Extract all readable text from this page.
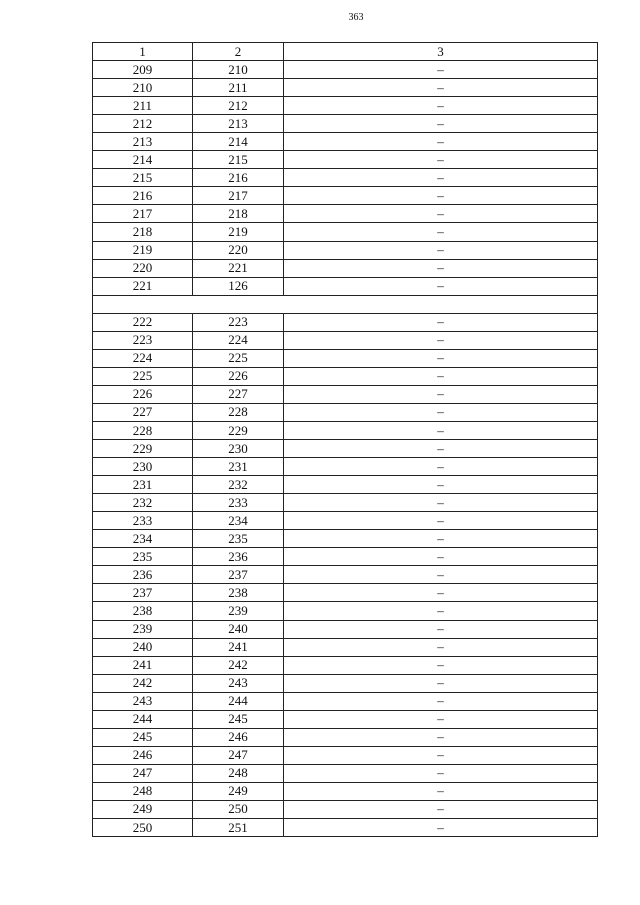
363
1	2	3
209	210	–
210	211	–
211	212	–
212	213	–
213	214	–
214	215	–
215	216	–
216	217	–
217	218	–
218	219	–
219	220	–
220	221	–
221	126	–

222	223	–
223	224	–
224	225	–
225	226	–
226	227	–
227	228	–
228	229	–
229	230	–
230	231	–
231	232	–
232	233	–
233	234	–
234	235	–
235	236	–
236	237	–
237	238	–
238	239	–
239	240	–
240	241	–
241	242	–
242	243	–
243	244	–
244	245	–
245	246	–
246	247	–
247	248	–
248	249	–
249	250	–
250	251	–
